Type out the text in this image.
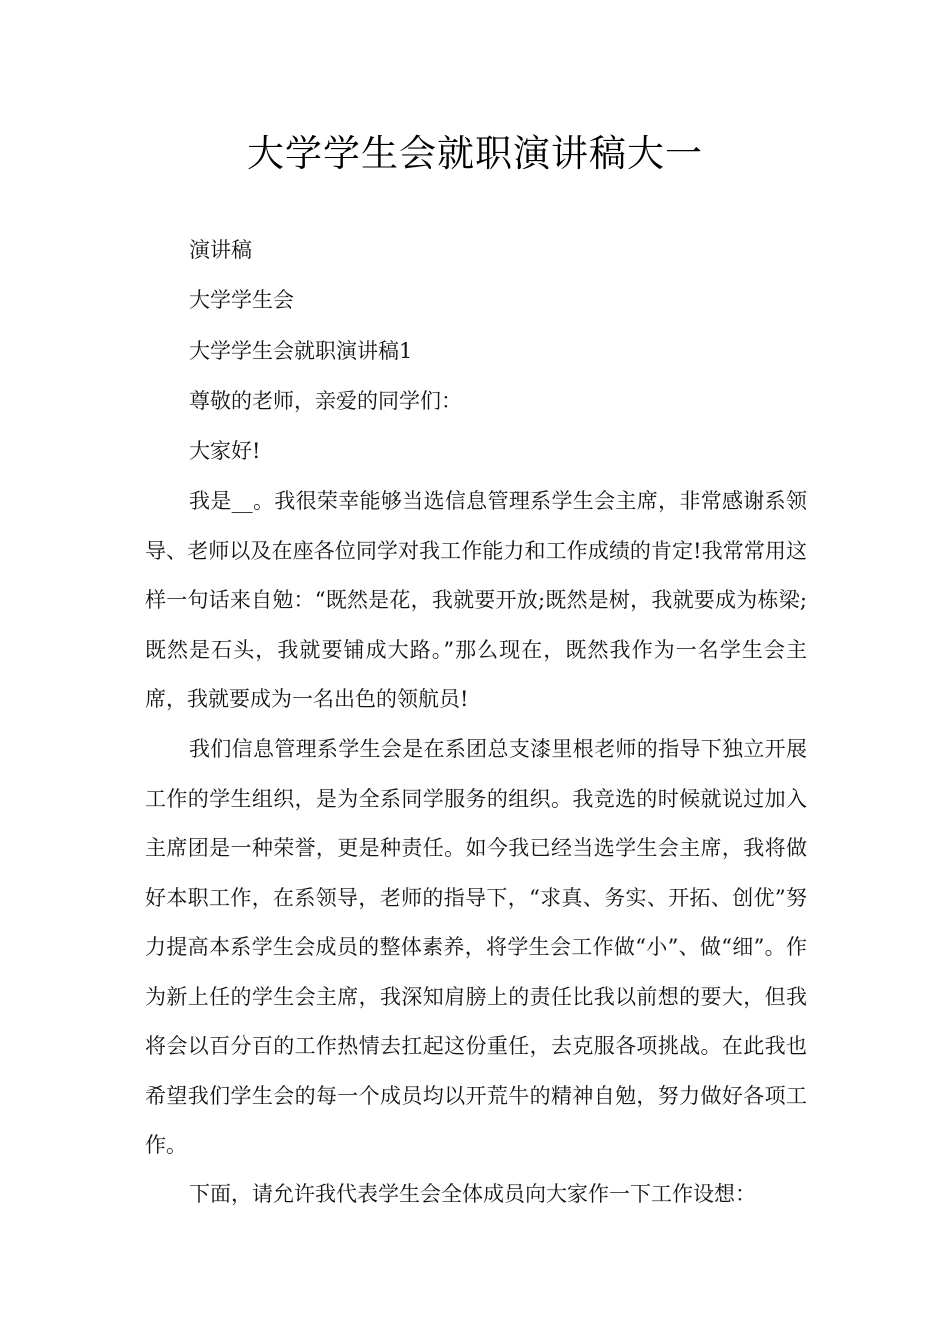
大学学生会就职演讲稿大一
演讲稿
大学学生会
大学学生会就职演讲稿1
尊敬的老师，亲爱的同学们：
大家好!

我是__。我很荣幸能够当选信息管理系学生会主席，非常感谢系领导、老师以及在座各位同学对我工作能力和工作成绩的肯定!我常常用这样一句话来自勉：“既然是花，我就要开放;既然是树，我就要成为栋梁;既然是石头，我就要铺成大路。”那么现在，既然我作为一名学生会主席，我就要成为一名出色的领航员!

我们信息管理系学生会是在系团总支漆里根老师的指导下独立开展工作的学生组织，是为全系同学服务的组织。我竞选的时候就说过加入主席团是一种荣誉，更是种责任。如今我已经当选学生会主席，我将做好本职工作，在系领导，老师的指导下，“求真、务实、开拓、创优”努力提高本系学生会成员的整体素养，将学生会工作做“小”、做“细”。作为新上任的学生会主席，我深知肩膀上的责任比我以前想的要大，但我将会以百分百的工作热情去扛起这份重任，去克服各项挑战。在此我也希望我们学生会的每一个成员均以开荒牛的精神自勉，努力做好各项工作。

下面，请允许我代表学生会全体成员向大家作一下工作设想：
